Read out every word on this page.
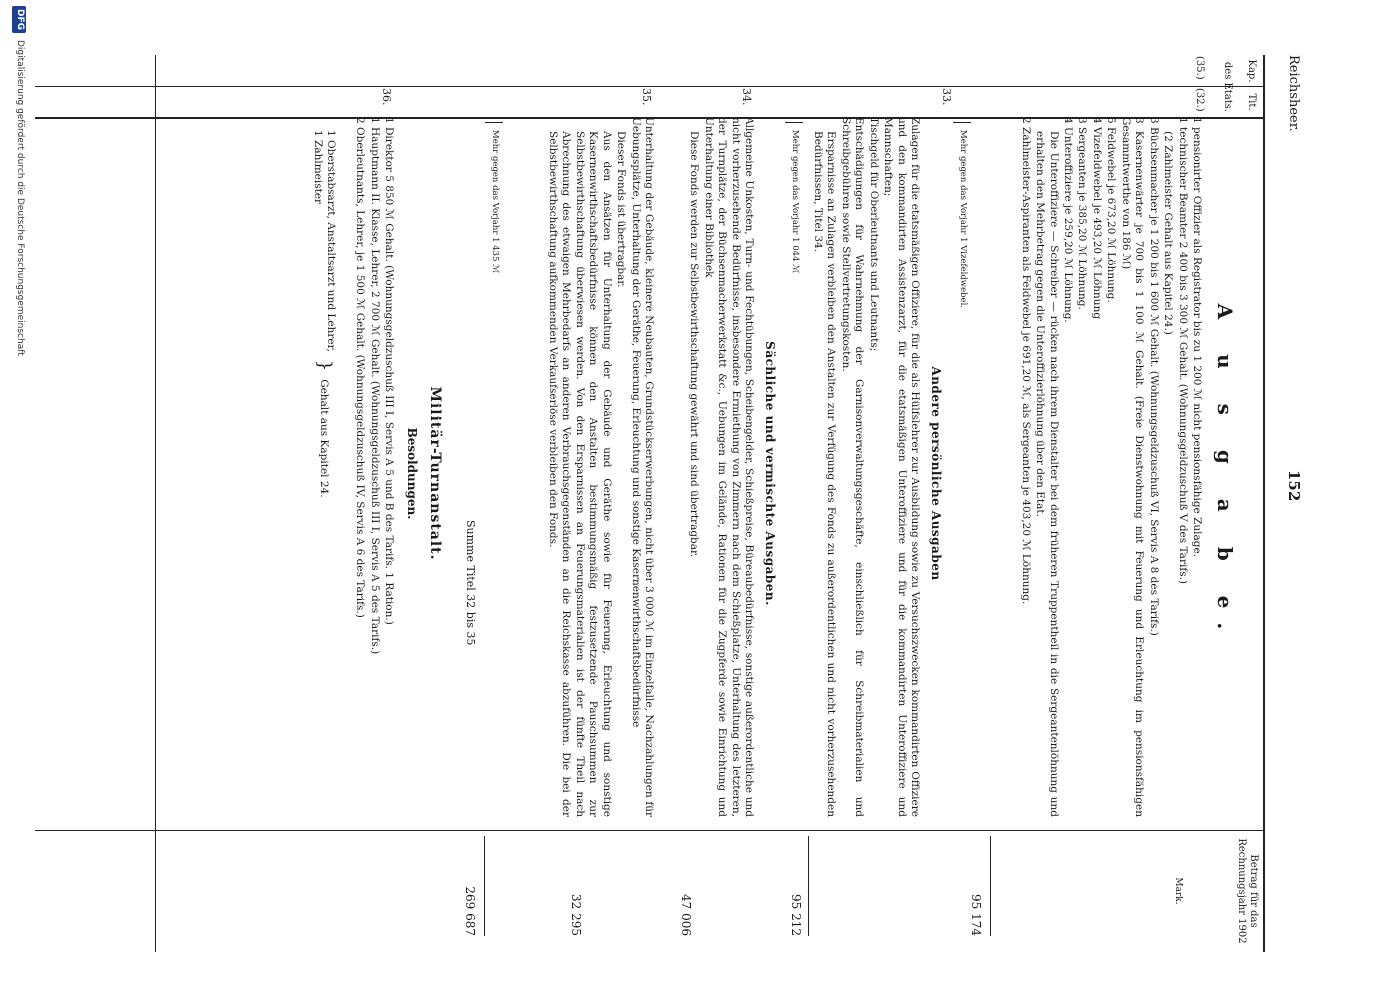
Reichsheer.
152
Kap.
Tit.
des Etats.
Betrag für das Rechnungsjahr 1902
Mark.
(35.)
(32.)
A u s g a b e.

1 pensionirter Offizier als Registrator bis zu 1 200 ℳ nicht pensionsfähige Zulage.

1 technischer Beamter 2 400 bis 3 300 ℳ Gehalt. (Wohnungsgeldzuschuß V des Tarifs.)

(2 Zahlmeister Gehalt aus Kapitel 24.)

3 Büchsenmacher je 1 200 bis 1 600 ℳ Gehalt. (Wohnungsgeldzuschuß VI, Servis A 8 des Tarifs.)

3 Kasernenwärter je 700 bis 1 100 ℳ Gehalt. (Freie Dienstwohnung mit Feuerung und Erleuchtung im pensionsfähigen Gesammtwerthe von 186 ℳ)

5 Feldwebel je 673,20 ℳ Löhnung.

4 Vizefeldwebel je 493,20 ℳ Löhnung

3 Sergeanten je 385,20 ℳ Löhnung.

4 Unteroffiziere je 259,20 ℳ Löhnung.

Die Unteroffiziere — Schreiber — rücken nach ihrem Dienstalter bei dem früheren Truppentheil in die Sergeantenlöhnung und erhalten den Mehrbetrag gegen die Unteroffizierlöhnung über den Etat.

2 Zahlmeister-Aspiranten als Feldwebel je 691,20 ℳ, als Sergeanten je 403,20 ℳ Löhnung.

95 174
Mehr gegen das Vorjahr 1 Vizefeldwebel.
33.
Andere persönliche Ausgaben

Zulagen für die etatsmäßigen Offiziere, für die als Hülfslehrer zur Ausbildung sowie zu Versuchszwecken kommandirten Offiziere und den kommandirten Assistenzarzt, für die etatsmäßigen Unteroffiziere und für die kommandirten Unteroffiziere und Mannschaften;

Tischgeld für Oberleutnants und Leutnants;

Entschädigungen für Wahrnehmung der Garnisonverwaltungsgeschäfte, einschließlich für Schreibmaterialien und Schreibgebühren sowie Stellvertretungskosten.

Ersparnisse an Zulagen verbleiben den Anstalten zur Verfügung des Fonds zu außerordentlichen und nicht vorherzusehenden Bedürfnissen, Titel 34.

95 212
Mehr gegen das Vorjahr 1 044 ℳ
Sächliche und vermischte Ausgaben.
34.

Allgemeine Unkosten, Turn- und Fechtübungen, Scheibengelder, Schießpreise, Büreaubedürfnisse, sonstige außerordentliche und nicht vorherzusehende Bedürfnisse, insbesondere Ermiethung von Zimmern nach dem Schießplatze, Unterhaltung des letzteren, der Turnplätze, der Büchsenmacherwerkstatt &c., Uebungen im Gelände, Rationen für die Zugpferde sowie Einrichtung und Unterhaltung einer Bibliothek

Diese Fonds werden zur Selbstbewirthschaftung gewährt und sind übertragbar.

47 006
35.

Unterhaltung der Gebäude, kleinere Neubauten, Grundstückserwerbungen, nicht über 3 000 ℳ im Einzelfalle, Nachzahlungen für Uebungsplätze, Unterhaltung der Geräthe, Feuerung, Erleuchtung und sonstige Kasernenwirthschaftsbedürfnisse

Dieser Fonds ist übertragbar.

Aus den Ansätzen für Unterhaltung der Gebäude und Geräthe sowie für Feuerung, Erleuchtung und sonstige Kasernenwirthschaftsbedürfnisse können den Anstalten bestimmungsmäßig festzusetzende Pauschsummen zur Selbstbewirthschaftung überwiesen werden. Von den Ersparnissen an Feuerungsmaterialien ist der fünfte Theil nach Abrechnung des etwaigen Mehrbedarfs an anderen Verbrauchsgegenständen an die Reichskasse abzuführen. Die bei der Selbstbewirthschaftung aufkommenden Verkaufserlöse verbleiben den Fonds.

32 295
Mehr gegen das Vorjahr 1 435 ℳ
Summe Titel 32 bis 35
269 687
Militär-Turnanstalt.
Besoldungen.
36.

1 Direktor 5 850 ℳ Gehalt. (Wohnungsgeldzuschuß III I, Servis A 5 und B des Tarifs. 1 Ration.)

1 Hauptmann II. Klasse, Lehrer, 2 700 ℳ Gehalt. (Wohnungsgeldzuschuß III I, Servis A 5 des Tarifs.)

2 Oberleutnants, Lehrer, je 1 500 ℳ Gehalt. (Wohnungsgeldzuschuß IV, Servis A 6 des Tarifs.)

1 Oberstabsarzt, Anstaltsarzt und Lehrer,
1 Zahlmeister
}
Gehalt aus Kapitel 24.
DFG
Digitalisierung gefördert durch die Deutsche Forschungsgemeinschaft
